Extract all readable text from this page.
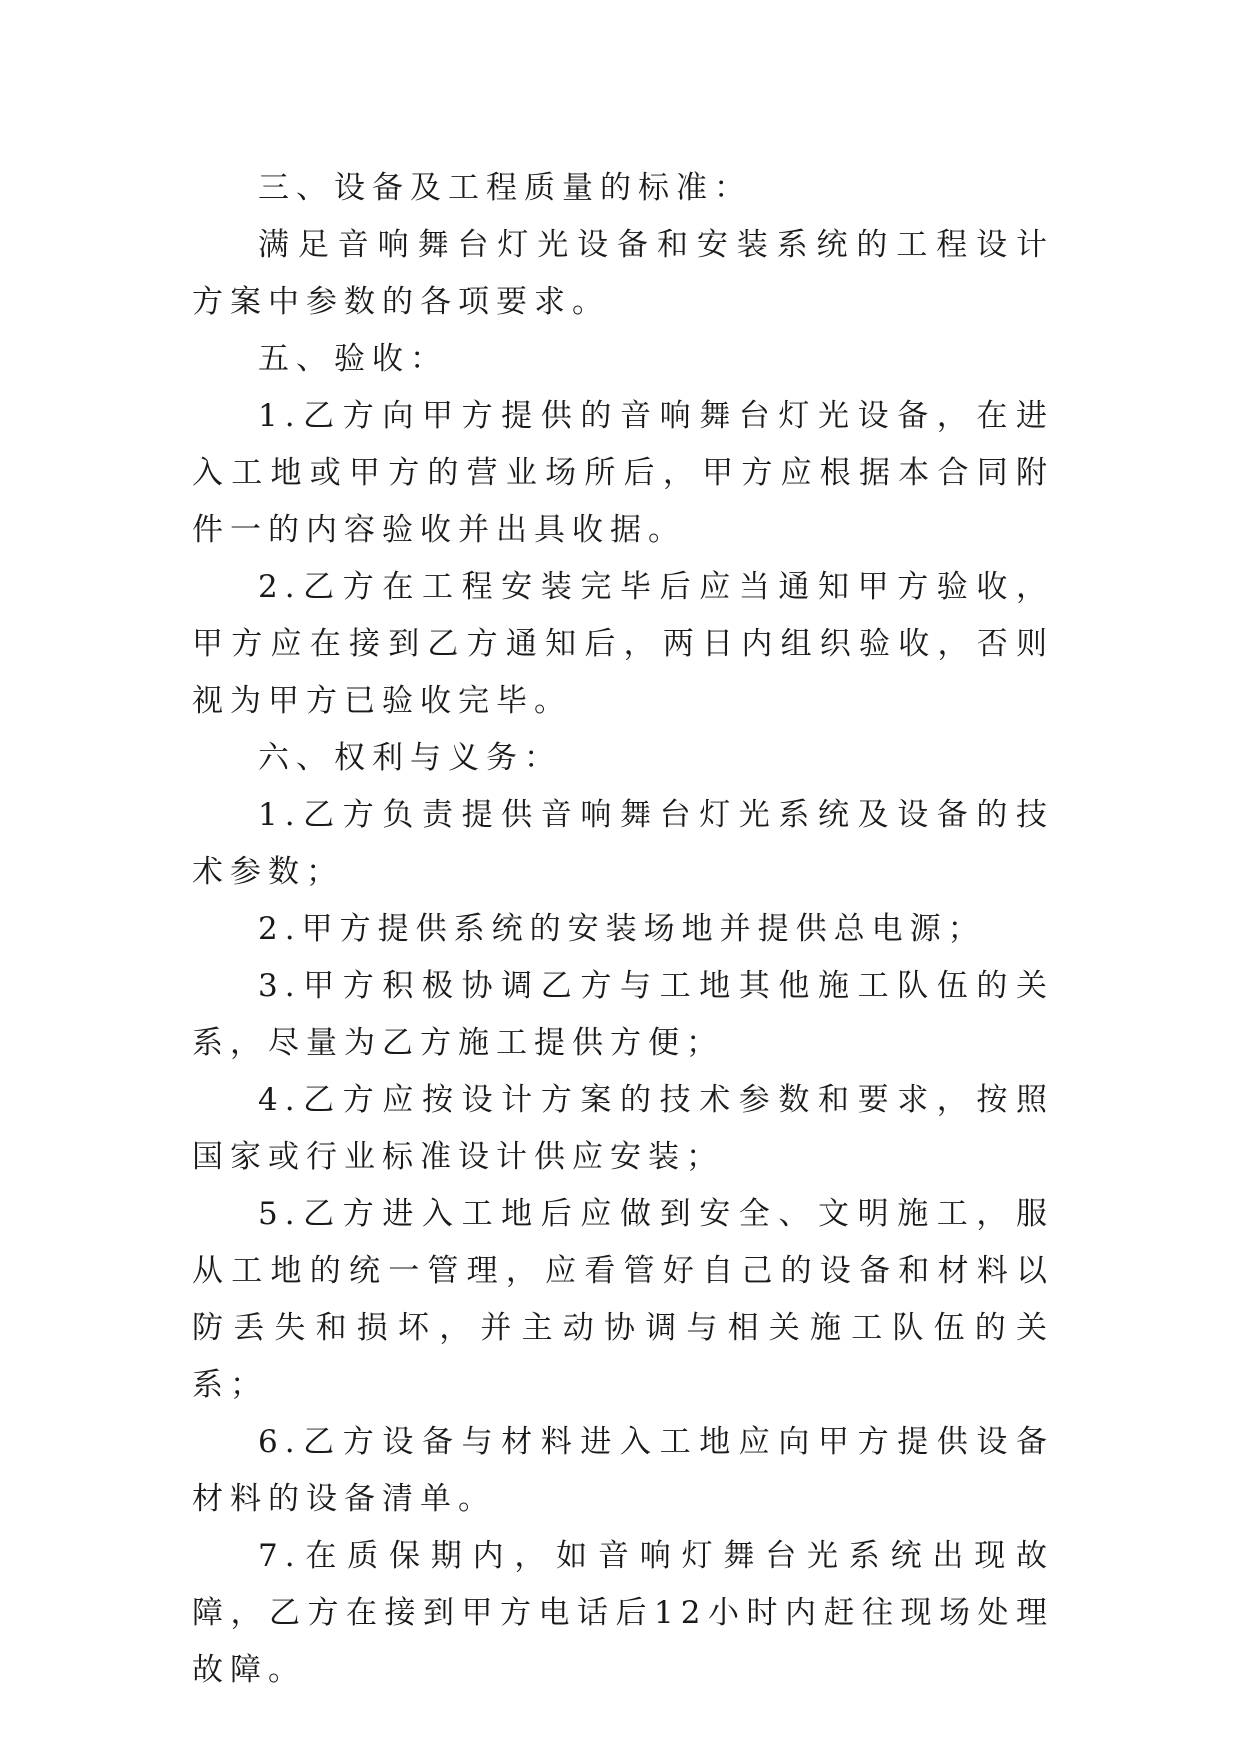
三、设备及工程质量的标准：

满足音响舞台灯光设备和安装系统的工程设计方案中参数的各项要求。

五、验收：

1.乙方向甲方提供的音响舞台灯光设备，在进入工地或甲方的营业场所后，甲方应根据本合同附件一的内容验收并出具收据。

2.乙方在工程安装完毕后应当通知甲方验收，甲方应在接到乙方通知后，两日内组织验收，否则视为甲方已验收完毕。

六、权利与义务：

1.乙方负责提供音响舞台灯光系统及设备的技术参数；

2.甲方提供系统的安装场地并提供总电源；

3.甲方积极协调乙方与工地其他施工队伍的关系，尽量为乙方施工提供方便；

4.乙方应按设计方案的技术参数和要求，按照国家或行业标准设计供应安装；

5.乙方进入工地后应做到安全、文明施工，服从工地的统一管理，应看管好自己的设备和材料以防丢失和损坏，并主动协调与相关施工队伍的关系；

6.乙方设备与材料进入工地应向甲方提供设备材料的设备清单。

7.在质保期内，如音响灯舞台光系统出现故障，乙方在接到甲方电话后12小时内赶往现场处理故障。
